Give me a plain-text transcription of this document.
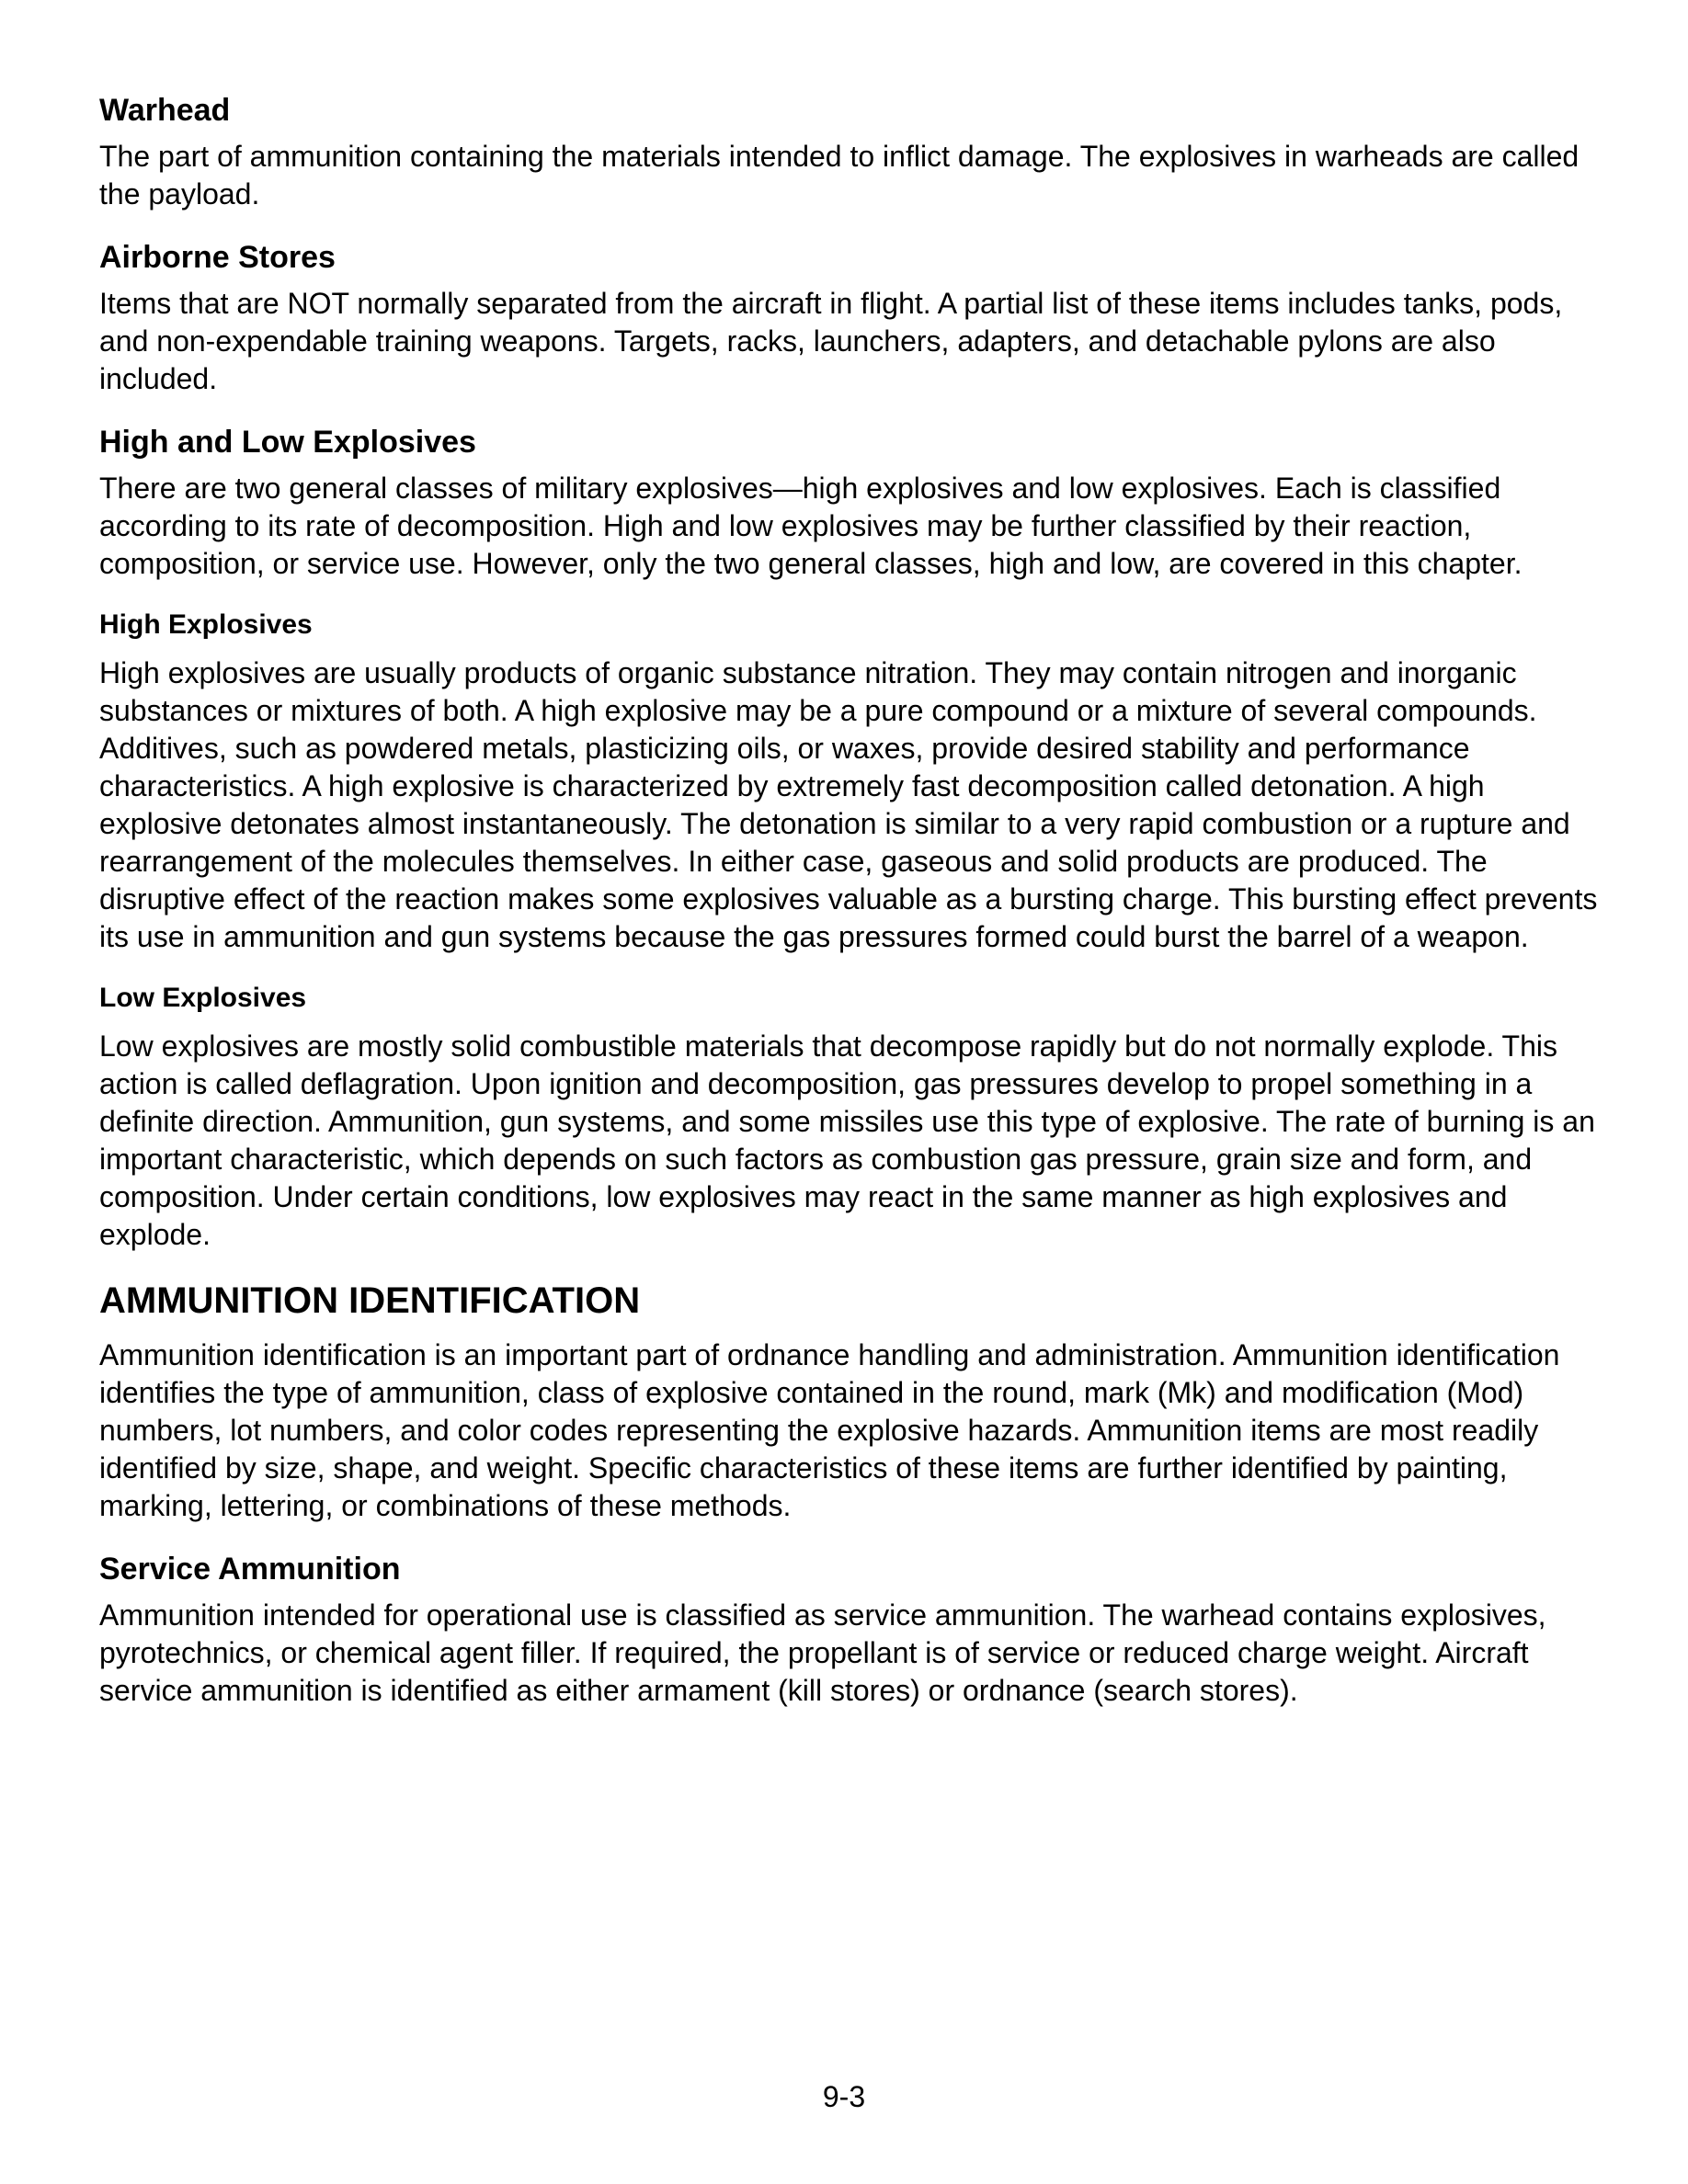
Warhead

The part of ammunition containing the materials intended to inflict damage. The explosives in warheads are called the payload.

Airborne Stores

Items that are NOT normally separated from the aircraft in flight. A partial list of these items includes tanks, pods, and non-expendable training weapons. Targets, racks, launchers, adapters, and detachable pylons are also included.

High and Low Explosives

There are two general classes of military explosives—high explosives and low explosives. Each is classified according to its rate of decomposition. High and low explosives may be further classified by their reaction, composition, or service use. However, only the two general classes, high and low, are covered in this chapter.

High Explosives

High explosives are usually products of organic substance nitration. They may contain nitrogen and inorganic substances or mixtures of both. A high explosive may be a pure compound or a mixture of several compounds. Additives, such as powdered metals, plasticizing oils, or waxes, provide desired stability and performance characteristics. A high explosive is characterized by extremely fast decomposition called detonation. A high explosive detonates almost instantaneously. The detonation is similar to a very rapid combustion or a rupture and rearrangement of the molecules themselves. In either case, gaseous and solid products are produced. The disruptive effect of the reaction makes some explosives valuable as a bursting charge. This bursting effect prevents its use in ammunition and gun systems because the gas pressures formed could burst the barrel of a weapon.

Low Explosives

Low explosives are mostly solid combustible materials that decompose rapidly but do not normally explode. This action is called deflagration. Upon ignition and decomposition, gas pressures develop to propel something in a definite direction. Ammunition, gun systems, and some missiles use this type of explosive. The rate of burning is an important characteristic, which depends on such factors as combustion gas pressure, grain size and form, and composition. Under certain conditions, low explosives may react in the same manner as high explosives and explode.

AMMUNITION IDENTIFICATION

Ammunition identification is an important part of ordnance handling and administration. Ammunition identification identifies the type of ammunition, class of explosive contained in the round, mark (Mk) and modification (Mod) numbers, lot numbers, and color codes representing the explosive hazards. Ammunition items are most readily identified by size, shape, and weight. Specific characteristics of these items are further identified by painting, marking, lettering, or combinations of these methods.

Service Ammunition

Ammunition intended for operational use is classified as service ammunition. The warhead contains explosives, pyrotechnics, or chemical agent filler. If required, the propellant is of service or reduced charge weight. Aircraft service ammunition is identified as either armament (kill stores) or ordnance (search stores).

9-3
